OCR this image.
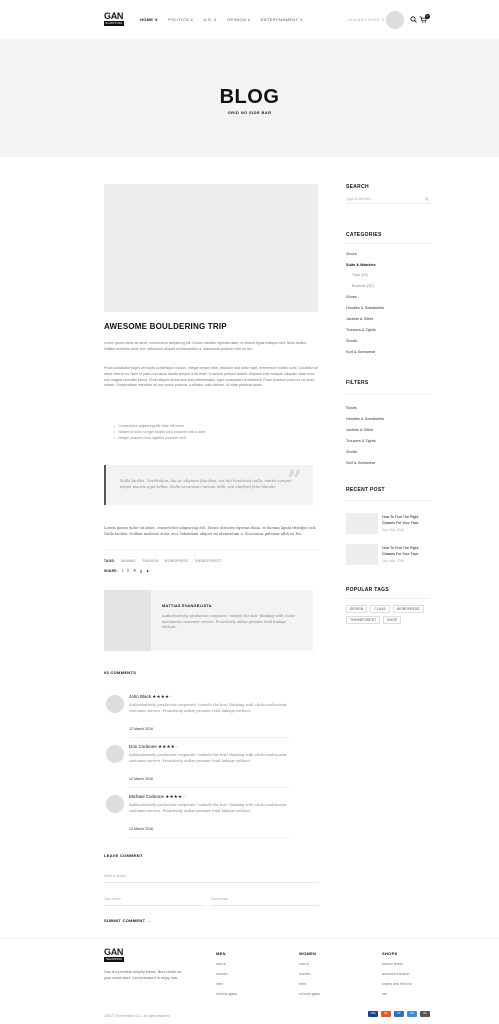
GAN
SHOPPING
HOME ∨	POLITICS ∨	U.S. ∨	OPINION ∨	ENTERTAINMENT ∨	HILLARY DUFF ∨
0
BLOG
GRID NO SIDE BAR
AWESOME BOULDERING TRIP

Lorem ipsum dolor sit amet, consectetur adipiscing elit. Donec ultricies egestas diam, et dictum ligula tristique sed. Nulla facilisi. Nullam molestie dolor orci, bibendum aliquet mi elementum a. Maecenas pulvinar nibh eu leo.

Proin sollicitudin turpis vel turpis scelerisque cursus. Integer neque nibh, tincidunt sed tortor eget, elementum mattis nunc. Curabitur sit amet viverra mi. Nam id justo non lacus iaculis tempor a sit amet. In lacinia pretium lacinia. Aliquam erat volutpat. Aliquam vitae nunc non magna convallis luctus. Proin aliquet lectus sed erat pellentesque, eget consequat mi hendrerit. Proin tincidunt porta ex sit amet ornare. Suspendisse interdum mi non purus pulvinar, a efficitur odio ultrices. Ut vitae placerat quam.

• Consectetur adipiscing elit vitae elit libero
• Nullam id dolor id eget lacinia odio posuere erat a ante
• Integer posuere erat dapibus posuere velit
”
Nulla facilisi. Vestibulum, dui ac aliquam faucibus, est dui hendrerit nulla, mattis semper turpis mauris eget tellus. Nulla accumsan rutrum nibh, sed eleifend felis blandit

Lorem ipsum dolor sit amet, consectetur adipiscing elit. Donec ultricies egestas diam, et dictum ligula tristique sed. Nulla facilisi. Nullam molestie dolor orci, bibendum aliquet mi elementum a. Maecenas pulvinar nibh eu leo.

TAGS: MINIMAL FASHION WORDPRESS THEMEFOREST
SHARE: f 𝕥 ℗ g ∎
MATTIAS EVANGELISTA
Authoritatively productize corporate "outside the box" thinking with clicks-and-mortar customer service. Proactively utilize premier total linkage without.
03 COMMENTS
John Black ★★★★☆
Authoritatively productize corporate "outside the box" thinking with clicks-and-mortar customer service. Proactively utilize premier total linkage without.
12 March 2016
Don Corleone ★★★★☆
Authoritatively productize corporate "outside the box" thinking with clicks-and-mortar customer service. Proactively utilize premier total linkage without.
12 March 2016
Michael Corleone ★★★★☆
Authoritatively productize corporate "outside the box" thinking with clicks-and-mortar customer service. Proactively utilize premier total linkage without.
12 March 2016
LEAVE COMMENT
Write a review
Your name	Your email
SUBMIT COMMENT →
SEARCH
Type & hit enter...
CATEGORIES
Shoes
Suits & Watches
Tops (29)
Bottoms (30)
Shoes
Hoodies & Sweatshirts
Jackets & Gilets
Trousers & Tights
Shorts
Surf & Swimwear
FILTERS
Shoes
Hoodies & Sweatshirts
Jackets & Gilets
Trousers & Tights
Shorts
Surf & Swimwear
RECENT POST
How To Find The Right Glasses For Your Face
July 14th, 2016
How To Find The Right Glasses For Your Face
July 14th, 2016
POPULAR TAGS
DESIGN	CLASS	WORDPRESS
THEMEFOREST	SHOP
GAN
SHOPPING
Gan is a premium shopify theme. Best choice for your online store. Let purchase it to enjoy now
MEN
new in
women
men
schuhe glass
WOMEN
new in
women
men
schuhe glass
SHOPS
search terms
advanced search
orders and returns
rss
2016 © ThemeVision LLC. All rights reserved
VISA	MC	PP	AM	DS
